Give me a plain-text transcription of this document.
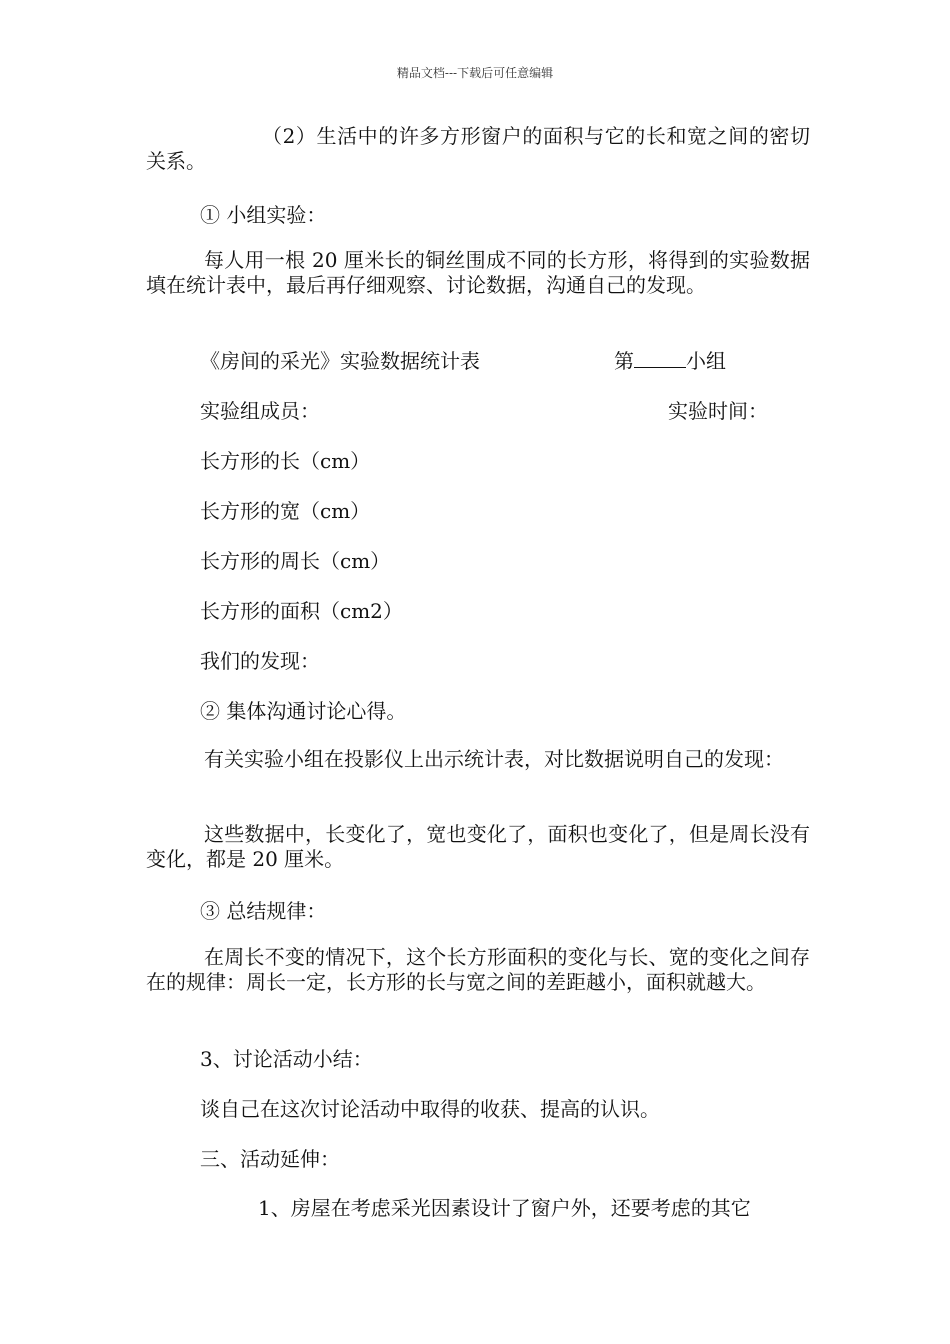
精品文档---下载后可任意编辑
（2）生活中的许多方形窗户的面积与它的长和宽之间的密切关系。
① 小组实验：
每人用一根 20 厘米长的铜丝围成不同的长方形，将得到的实验数据填在统计表中，最后再仔细观察、讨论数据，沟通自己的发现。
《房间的采光》实验数据统计表	第	小组
实验组成员：	实验时间：
长方形的长（cm）
长方形的宽（cm）
长方形的周长（cm）
长方形的面积（cm2）
我们的发现：
② 集体沟通讨论心得。
有关实验小组在投影仪上出示统计表，对比数据说明自己的发现：
这些数据中，长变化了，宽也变化了，面积也变化了，但是周长没有变化，都是 20 厘米。
③ 总结规律：
在周长不变的情况下，这个长方形面积的变化与长、宽的变化之间存在的规律：周长一定，长方形的长与宽之间的差距越小，面积就越大。
3、讨论活动小结：
谈自己在这次讨论活动中取得的收获、提高的认识。
三、活动延伸：
1、房屋在考虑采光因素设计了窗户外，还要考虑的其它
